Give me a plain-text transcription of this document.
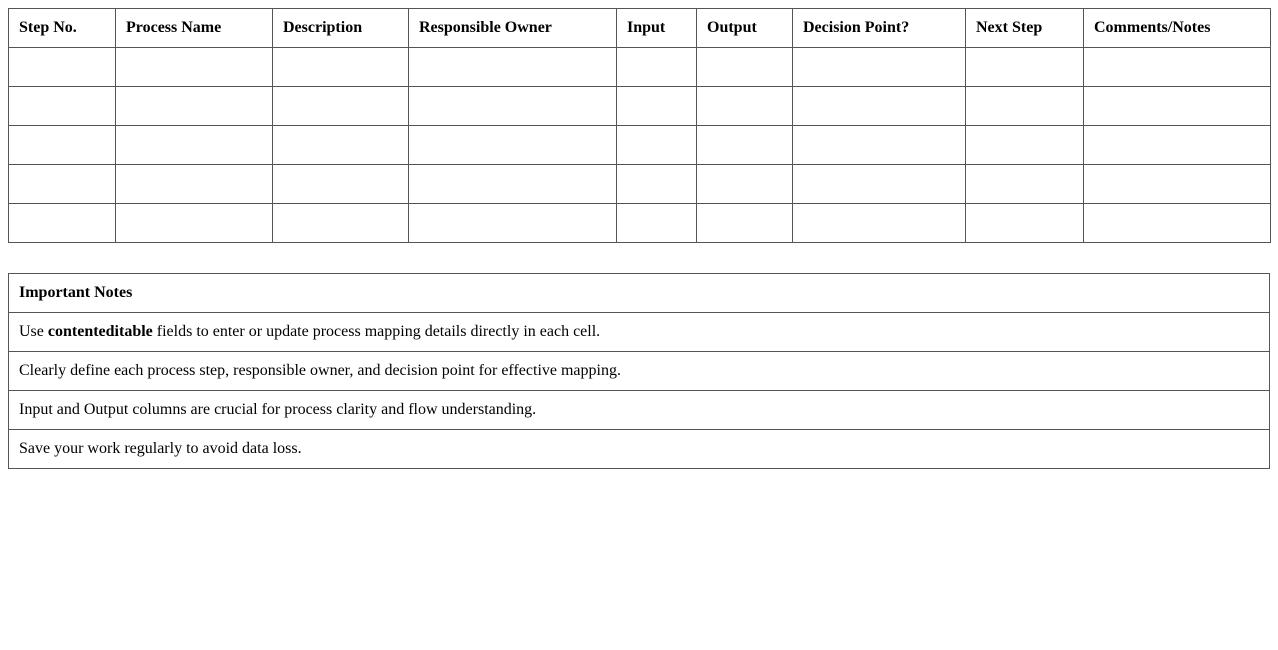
Step No.	Process Name	Description	Responsible Owner	Input	Output	Decision Point?	Next Step	Comments/Notes

Important Notes
Use contenteditable fields to enter or update process mapping details directly in each cell.
Clearly define each process step, responsible owner, and decision point for effective mapping.
Input and Output columns are crucial for process clarity and flow understanding.
Save your work regularly to avoid data loss.
